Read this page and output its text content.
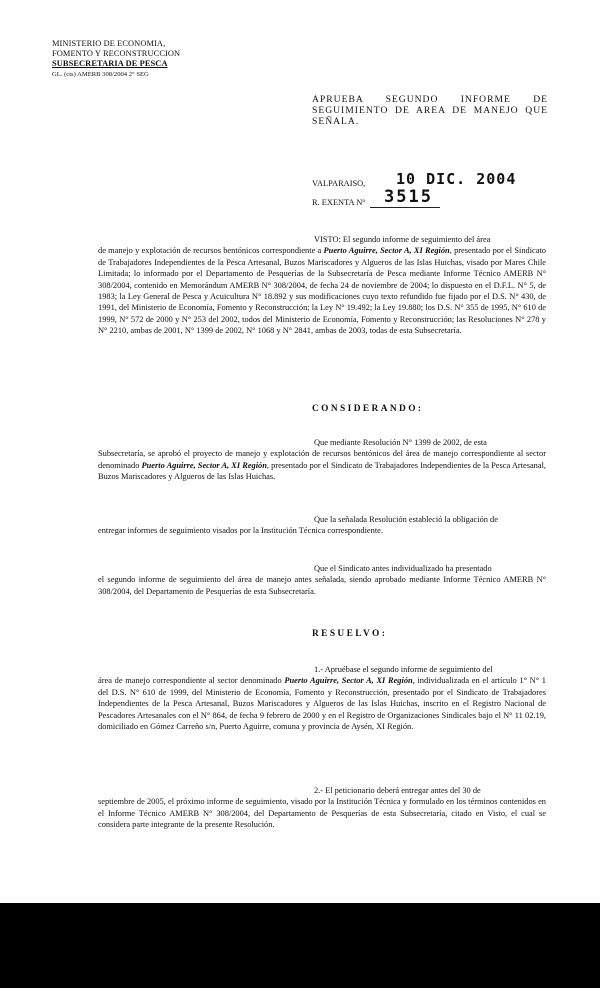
MINISTERIO DE ECONOMIA,
FOMENTO Y RECONSTRUCCION
SUBSECRETARIA DE PESCA
GL. (cts) AMERB 308/2004 2° SEG
APRUEBA SEGUNDO INFORME DE
SEGUIMIENTO DE AREA DE MANEJO QUE
SEÑALA.
VALPARAISO, 10 DIC. 2004
R. EXENTA N° 3515
VISTO: El segundo informe de seguimiento del área
de manejo y explotación de recursos bentónicos correspondiente a Puerto Aguirre, Sector A, XI Región, presentado por el Sindicato de Trabajadores Independientes de la Pesca Artesanal, Buzos Mariscadores y Algueros de las Islas Huichas, visado por Mares Chile Limitada; lo informado por el Departamento de Pesquerías de la Subsecretaría de Pesca mediante Informe Técnico AMERB N° 308/2004, contenido en Memorándum AMERB N° 308/2004, de fecha 24 de noviembre de 2004; lo dispuesto en el D.F.L. N° 5, de 1983; la Ley General de Pesca y Acuicultura N° 18.892 y sus modificaciones cuyo texto refundido fue fijado por el D.S. N° 430, de 1991, del Ministerio de Economía, Fomento y Reconstrucción; la Ley N° 19.492; la Ley 19.880; los D.S. N° 355 de 1995, N° 610 de 1999, N° 572 de 2000 y N° 253 del 2002, todos del Ministerio de Economía, Fomento y Reconstrucción; las Resoluciones N° 278 y N° 2210, ambas de 2001, N° 1399 de 2002, N° 1068 y N° 2841, ambas de 2003, todas de esta Subsecretaría.
CONSIDERANDO:
Que mediante Resolución N° 1399 de 2002, de esta
Subsecretaría, se aprobó el proyecto de manejo y explotación de recursos bentónicos del área de manejo correspondiente al sector denominado Puerto Aguirre, Sector A, XI Región, presentado por el Sindicato de Trabajadores Independientes de la Pesca Artesanal, Buzos Mariscadores y Algueros de las Islas Huichas.
Que la señalada Resolución estableció la obligación de
entregar informes de seguimiento visados por la Institución Técnica correspondiente.
Que el Sindicato antes individualizado ha presentado
el segundo informe de seguimiento del área de manejo antes señalada, siendo aprobado mediante Informe Técnico AMERB N° 308/2004, del Departamento de Pesquerías de esta Subsecretaría.
RESUELVO:
1.- Apruébase el segundo informe de seguimiento del
área de manejo correspondiente al sector denominado Puerto Aguirre, Sector A, XI Región, individualizada en el artículo 1° N° 1 del D.S. N° 610 de 1999, del Ministerio de Economía, Fomento y Reconstrucción, presentado por el Sindicato de Trabajadores Independientes de la Pesca Artesanal, Buzos Mariscadores y Algueros de las Islas Huichas, inscrito en el Registro Nacional de Pescadores Artesanales con el N° 864, de fecha 9 febrero de 2000 y en el Registro de Organizaciones Sindicales bajo el N° 11 02.19, domiciliado en Gómez Carreño s/n, Puerto Aguirre, comuna y provincia de Aysén, XI Región.
2.- El peticionario deberá entregar antes del 30 de
septiembre de 2005, el próximo informe de seguimiento, visado por la Institución Técnica y formulado en los términos contenidos en el Informe Técnico AMERB N° 308/2004, del Departamento de Pesquerías de esta Subsecretaría, citado en Visto, el cual se considera parte integrante de la presente Resolución.
